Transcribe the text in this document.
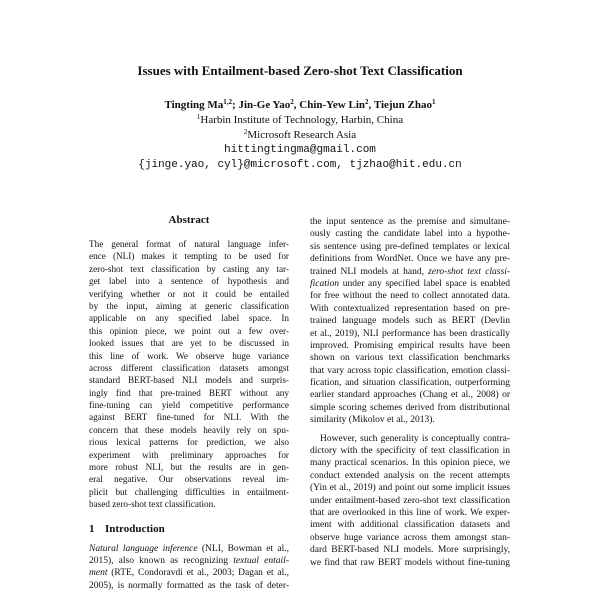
Issues with Entailment-based Zero-shot Text Classification
Tingting Ma$^{1,2}$; Jin-Ge Yao$^2$, Chin-Yew Lin$^2$, Tiejun Zhao$^1$
$^1$Harbin Institute of Technology, Harbin, China
$^2$Microsoft Research Asia
hittingtingma@gmail.com
{jinge.yao, cyl}@microsoft.com, tjzhao@hit.edu.cn
Abstract
The general format of natural language infer-
ence (NLI) makes it tempting to be used for
zero-shot text classification by casting any tar-
get label into a sentence of hypothesis and
verifying whether or not it could be entailed
by the input, aiming at generic classification
applicable on any specified label space. In
this opinion piece, we point out a few over-
looked issues that are yet to be discussed in
this line of work. We observe huge variance
across different classification datasets amongst
standard BERT-based NLI models and surpris-
ingly find that pre-trained BERT without any
fine-tuning can yield competitive performance
against BERT fine-tuned for NLI. With the
concern that these models heavily rely on spu-
rious lexical patterns for prediction, we also
experiment with preliminary approaches for
more robust NLI, but the results are in gen-
eral negative. Our observations reveal im-
plicit but challenging difficulties in entailment-
based zero-shot text classification.
1 Introduction
Natural language inference (NLI, Bowman et al.,
2015), also known as recognizing textual entail-
ment (RTE, Condoravdi et al., 2003; Dagan et al.,
2005), is normally formatted as the task of deter-
the input sentence as the premise and simultane-
ously casting the candidate label into a hypothe-
sis sentence using pre-defined templates or lexical
definitions from WordNet. Once we have any pre-
trained NLI models at hand, zero-shot text classi-
fication under any specified label space is enabled
for free without the need to collect annotated data.
With contextualized representation based on pre-
trained language models such as BERT (Devlin
et al., 2019), NLI performance has been drastically
improved. Promising empirical results have been
shown on various text classification benchmarks
that vary across topic classification, emotion classi-
fication, and situation classification, outperforming
earlier standard approaches (Chang et al., 2008) or
simple scoring schemes derived from distributional
similarity (Mikolov et al., 2013).
However, such generality is conceptually contra-
dictory with the specificity of text classification in
many practical scenarios. In this opinion piece, we
conduct extended analysis on the recent attempts
(Yin et al., 2019) and point out some implicit issues
under entailment-based zero-shot text classification
that are overlooked in this line of work. We exper-
iment with additional classification datasets and
observe huge variance across them amongst stan-
dard BERT-based NLI models. More surprisingly,
we find that raw BERT models without fine-tuning
